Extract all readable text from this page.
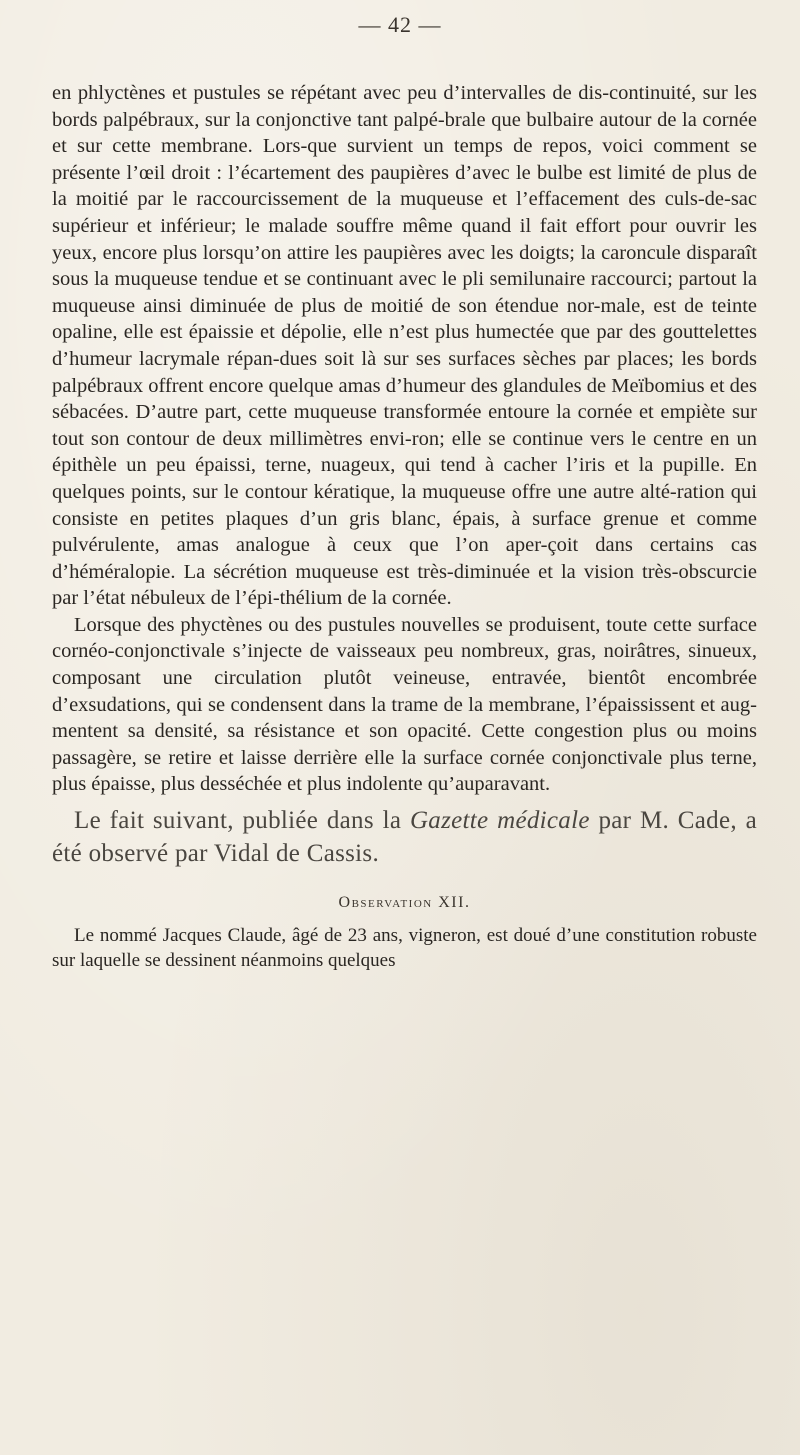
— 42 —

en phlyctènes et pustules se répétant avec peu d’intervalles de dis-continuité, sur les bords palpébraux, sur la conjonctive tant palpé-brale que bulbaire autour de la cornée et sur cette membrane. Lors-que survient un temps de repos, voici comment se présente l’œil droit : l’écartement des paupières d’avec le bulbe est limité de plus de la moitié par le raccourcissement de la muqueuse et l’effacement des culs-de-sac supérieur et inférieur; le malade souffre même quand il fait effort pour ouvrir les yeux, encore plus lorsqu’on attire les paupières avec les doigts; la caroncule disparaît sous la muqueuse tendue et se continuant avec le pli semilunaire raccourci; partout la muqueuse ainsi diminuée de plus de moitié de son étendue nor-male, est de teinte opaline, elle est épaissie et dépolie, elle n’est plus humectée que par des gouttelettes d’humeur lacrymale répan-dues soit là sur ses surfaces sèches par places; les bords palpébraux offrent encore quelque amas d’humeur des glandules de Meïbomius et des sébacées. D’autre part, cette muqueuse transformée entoure la cornée et empiète sur tout son contour de deux millimètres envi-ron; elle se continue vers le centre en un épithèle un peu épaissi, terne, nuageux, qui tend à cacher l’iris et la pupille. En quelques points, sur le contour kératique, la muqueuse offre une autre alté-ration qui consiste en petites plaques d’un gris blanc, épais, à surface grenue et comme pulvérulente, amas analogue à ceux que l’on aper-çoit dans certains cas d’héméralopie. La sécrétion muqueuse est très-diminuée et la vision très-obscurcie par l’état nébuleux de l’épi-thélium de la cornée.

Lorsque des phyctènes ou des pustules nouvelles se produisent, toute cette surface cornéo-conjonctivale s’injecte de vaisseaux peu nombreux, gras, noirâtres, sinueux, composant une circulation plutôt veineuse, entravée, bientôt encombrée d’exsudations, qui se condensent dans la trame de la membrane, l’épaississent et aug-mentent sa densité, sa résistance et son opacité. Cette congestion plus ou moins passagère, se retire et laisse derrière elle la surface cornée conjonctivale plus terne, plus épaisse, plus desséchée et plus indolente qu’auparavant.

Le fait suivant, publiée dans la Gazette médicale par M. Cade, a été observé par Vidal de Cassis.

Observation XII.

Le nommé Jacques Claude, âgé de 23 ans, vigneron, est doué d’une constitution robuste sur laquelle se dessinent néanmoins quelques
